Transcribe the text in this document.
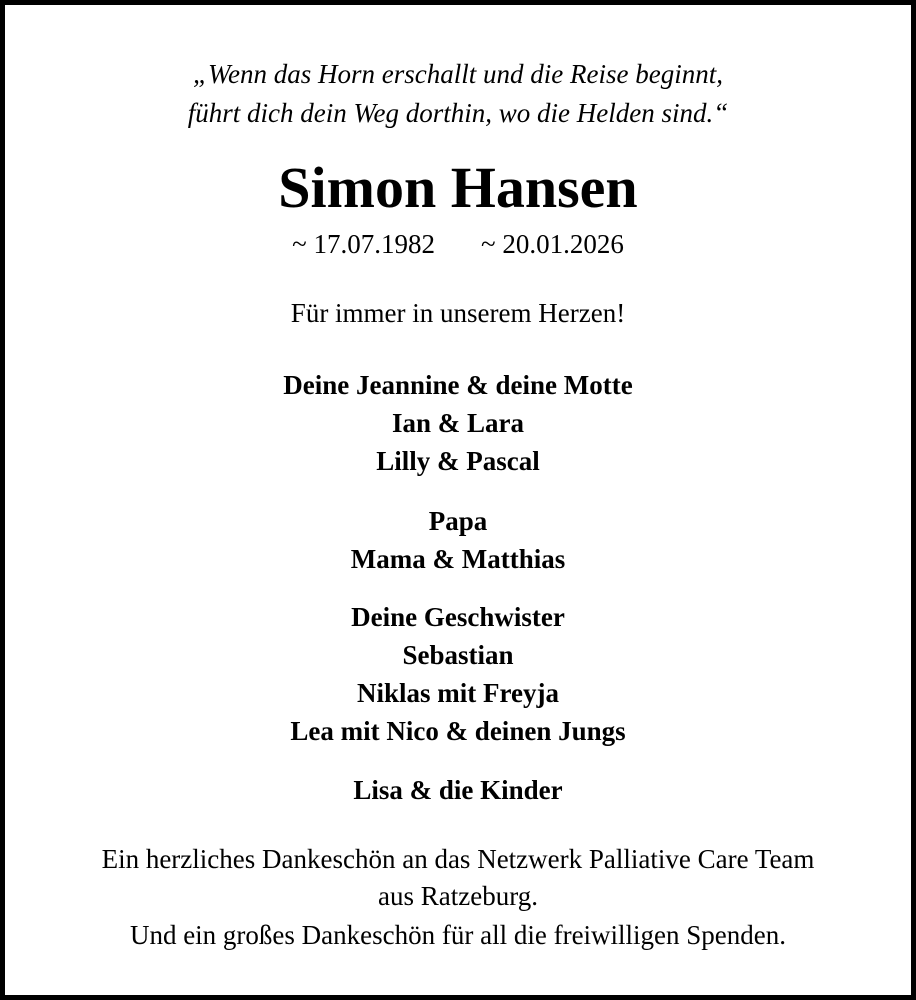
„Wenn das Horn erschallt und die Reise beginnt,
führt dich dein Weg dorthin, wo die Helden sind.“
Simon Hansen
~ 17.07.1982 ~ 20.01.2026
Für immer in unserem Herzen!
Deine Jeannine & deine Motte
Ian & Lara
Lilly & Pascal
Papa
Mama & Matthias
Deine Geschwister
Sebastian
Niklas mit Freyja
Lea mit Nico & deinen Jungs
Lisa & die Kinder
Ein herzliches Dankeschön an das Netzwerk Palliative Care Team
aus Ratzeburg.
Und ein großes Dankeschön für all die freiwilligen Spenden.
